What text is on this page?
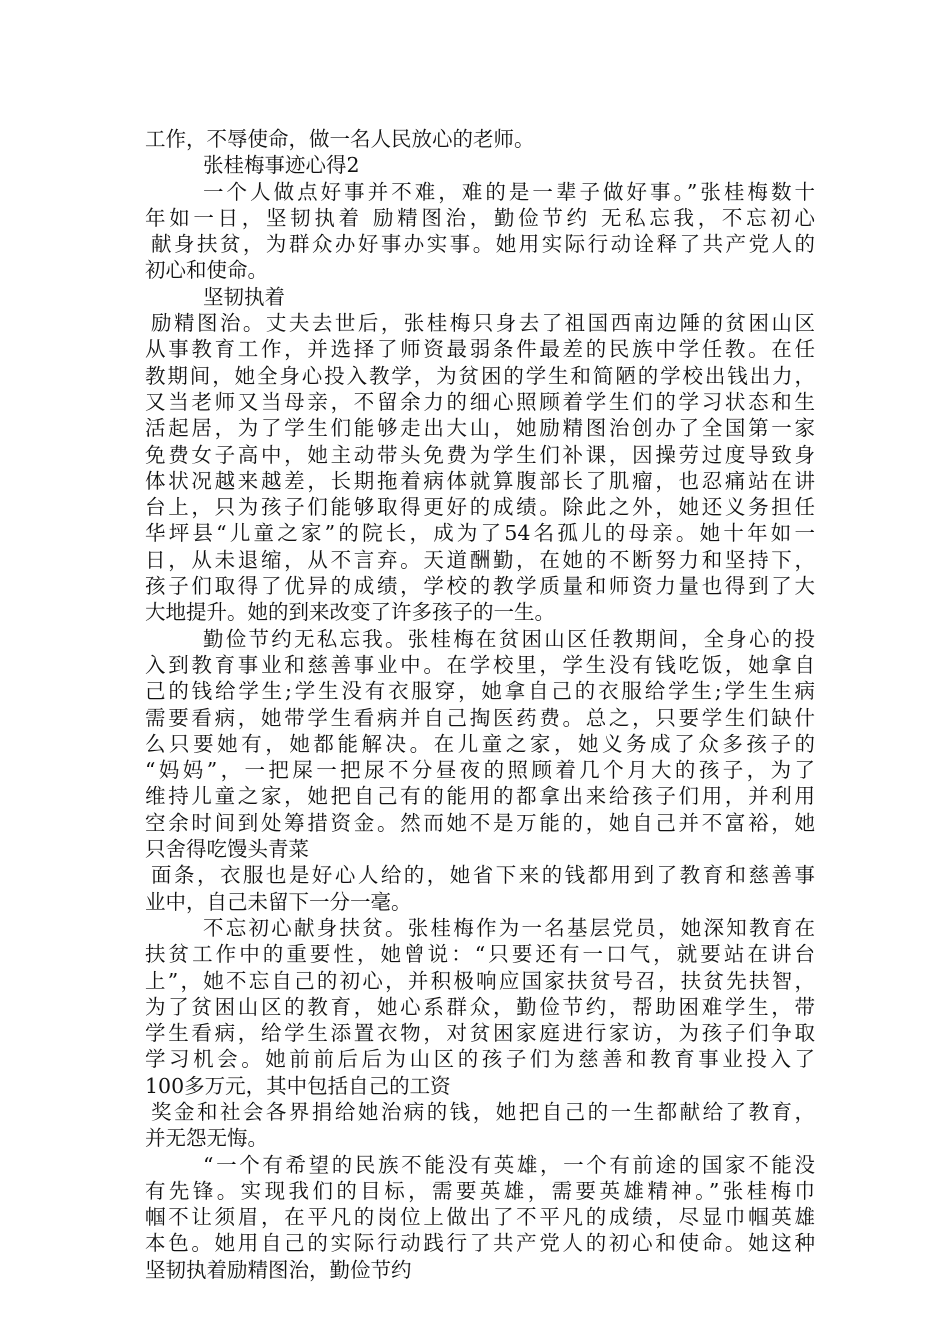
工作，不辱使命，做一名人民放心的老师。
张桂梅事迹心得2
一个人做点好事并不难，难的是一辈子做好事。”张桂梅数十
年如一日，坚韧执着 励精图治，勤俭节约 无私忘我，不忘初心
献身扶贫，为群众办好事办实事。她用实际行动诠释了共产党人的
初心和使命。
坚韧执着
励精图治。丈夫去世后，张桂梅只身去了祖国西南边陲的贫困山区
从事教育工作，并选择了师资最弱条件最差的民族中学任教。在任
教期间，她全身心投入教学，为贫困的学生和简陋的学校出钱出力，
又当老师又当母亲，不留余力的细心照顾着学生们的学习状态和生
活起居，为了学生们能够走出大山，她励精图治创办了全国第一家
免费女子高中，她主动带头免费为学生们补课，因操劳过度导致身
体状况越来越差，长期拖着病体就算腹部长了肌瘤，也忍痛站在讲
台上，只为孩子们能够取得更好的成绩。除此之外，她还义务担任
华坪县“儿童之家”的院长，成为了54名孤儿的母亲。她十年如一
日，从未退缩，从不言弃。天道酬勤，在她的不断努力和坚持下，
孩子们取得了优异的成绩，学校的教学质量和师资力量也得到了大
大地提升。她的到来改变了许多孩子的一生。
勤俭节约无私忘我。张桂梅在贫困山区任教期间，全身心的投
入到教育事业和慈善事业中。在学校里，学生没有钱吃饭，她拿自
己的钱给学生;学生没有衣服穿，她拿自己的衣服给学生;学生生病
需要看病，她带学生看病并自己掏医药费。总之，只要学生们缺什
么只要她有，她都能解决。在儿童之家，她义务成了众多孩子的
“妈妈”，一把屎一把尿不分昼夜的照顾着几个月大的孩子，为了
维持儿童之家，她把自己有的能用的都拿出来给孩子们用，并利用
空余时间到处筹措资金。然而她不是万能的，她自己并不富裕，她
只舍得吃馒头青菜
面条，衣服也是好心人给的，她省下来的钱都用到了教育和慈善事
业中，自己未留下一分一毫。
不忘初心献身扶贫。张桂梅作为一名基层党员，她深知教育在
扶贫工作中的重要性，她曾说：“只要还有一口气，就要站在讲台
上”，她不忘自己的初心，并积极响应国家扶贫号召，扶贫先扶智，
为了贫困山区的教育，她心系群众，勤俭节约，帮助困难学生，带
学生看病，给学生添置衣物，对贫困家庭进行家访，为孩子们争取
学习机会。她前前后后为山区的孩子们为慈善和教育事业投入了
100多万元，其中包括自己的工资
奖金和社会各界捐给她治病的钱，她把自己的一生都献给了教育，
并无怨无悔。
“一个有希望的民族不能没有英雄，一个有前途的国家不能没
有先锋。实现我们的目标，需要英雄，需要英雄精神。”张桂梅巾
帼不让须眉，在平凡的岗位上做出了不平凡的成绩，尽显巾帼英雄
本色。她用自己的实际行动践行了共产党人的初心和使命。她这种
坚韧执着励精图治，勤俭节约
